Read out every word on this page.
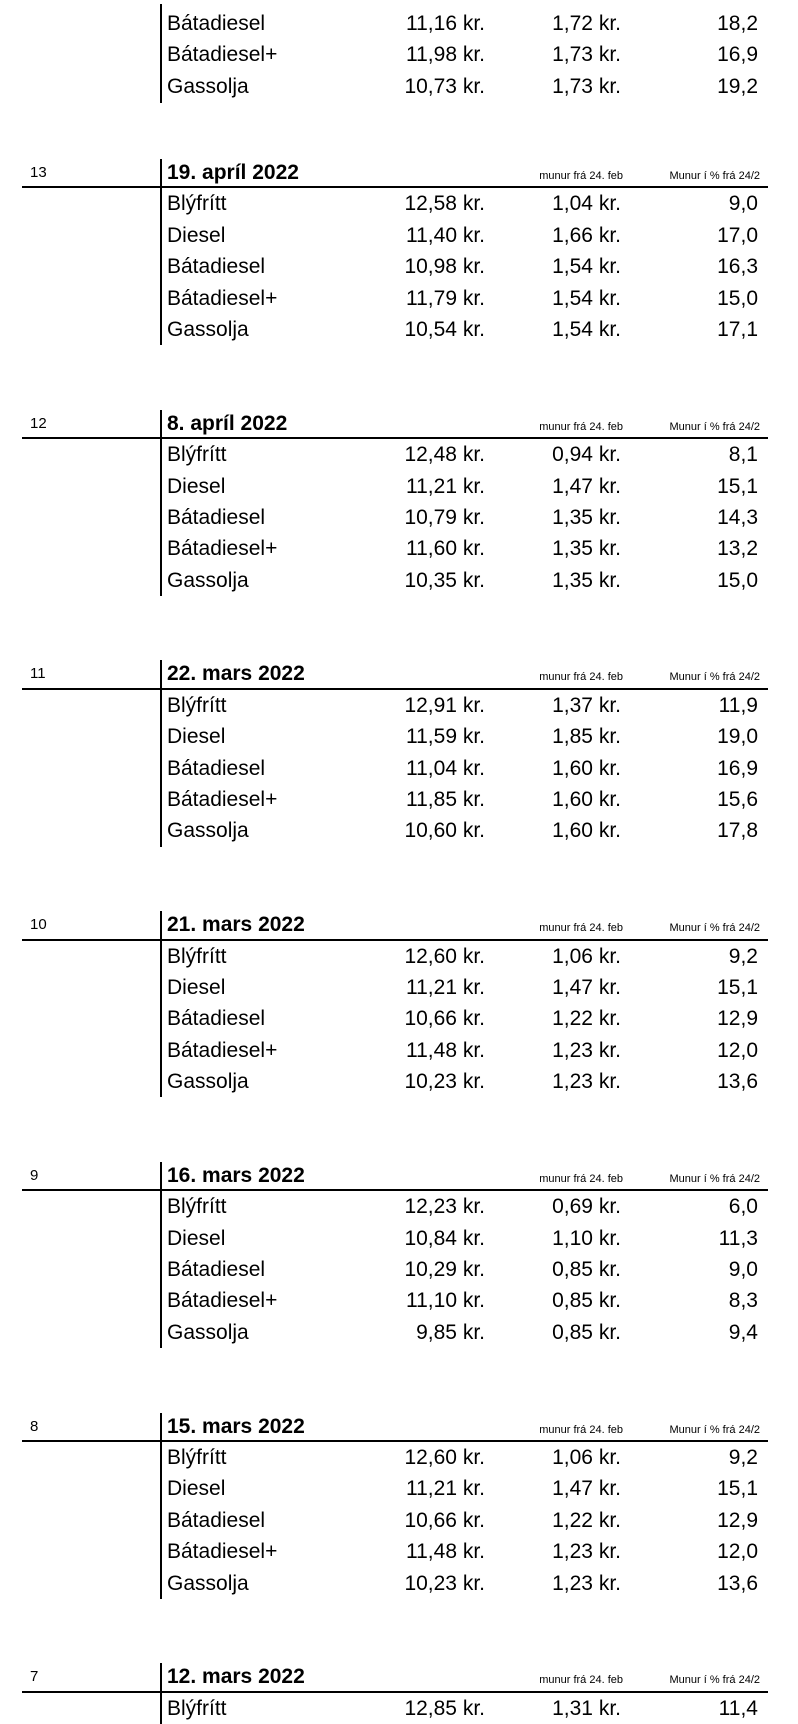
Bátadiesel	11,16 kr.	1,72 kr.	18,2
Bátadiesel+	11,98 kr.	1,73 kr.	16,9
Gassolja	10,73 kr.	1,73 kr.	19,2
13	19. apríl 2022	munur frá 24. feb	Munur í % frá 24/2
Blýfrítt	12,58 kr.	1,04 kr.	9,0
Diesel	11,40 kr.	1,66 kr.	17,0
Bátadiesel	10,98 kr.	1,54 kr.	16,3
Bátadiesel+	11,79 kr.	1,54 kr.	15,0
Gassolja	10,54 kr.	1,54 kr.	17,1
12	8. apríl 2022	munur frá 24. feb	Munur í % frá 24/2
Blýfrítt	12,48 kr.	0,94 kr.	8,1
Diesel	11,21 kr.	1,47 kr.	15,1
Bátadiesel	10,79 kr.	1,35 kr.	14,3
Bátadiesel+	11,60 kr.	1,35 kr.	13,2
Gassolja	10,35 kr.	1,35 kr.	15,0
11	22. mars 2022	munur frá 24. feb	Munur í % frá 24/2
Blýfrítt	12,91 kr.	1,37 kr.	11,9
Diesel	11,59 kr.	1,85 kr.	19,0
Bátadiesel	11,04 kr.	1,60 kr.	16,9
Bátadiesel+	11,85 kr.	1,60 kr.	15,6
Gassolja	10,60 kr.	1,60 kr.	17,8
10	21. mars 2022	munur frá 24. feb	Munur í % frá 24/2
Blýfrítt	12,60 kr.	1,06 kr.	9,2
Diesel	11,21 kr.	1,47 kr.	15,1
Bátadiesel	10,66 kr.	1,22 kr.	12,9
Bátadiesel+	11,48 kr.	1,23 kr.	12,0
Gassolja	10,23 kr.	1,23 kr.	13,6
9	16. mars 2022	munur frá 24. feb	Munur í % frá 24/2
Blýfrítt	12,23 kr.	0,69 kr.	6,0
Diesel	10,84 kr.	1,10 kr.	11,3
Bátadiesel	10,29 kr.	0,85 kr.	9,0
Bátadiesel+	11,10 kr.	0,85 kr.	8,3
Gassolja	9,85 kr.	0,85 kr.	9,4
8	15. mars 2022	munur frá 24. feb	Munur í % frá 24/2
Blýfrítt	12,60 kr.	1,06 kr.	9,2
Diesel	11,21 kr.	1,47 kr.	15,1
Bátadiesel	10,66 kr.	1,22 kr.	12,9
Bátadiesel+	11,48 kr.	1,23 kr.	12,0
Gassolja	10,23 kr.	1,23 kr.	13,6
7	12. mars 2022	munur frá 24. feb	Munur í % frá 24/2
Blýfrítt	12,85 kr.	1,31 kr.	11,4
